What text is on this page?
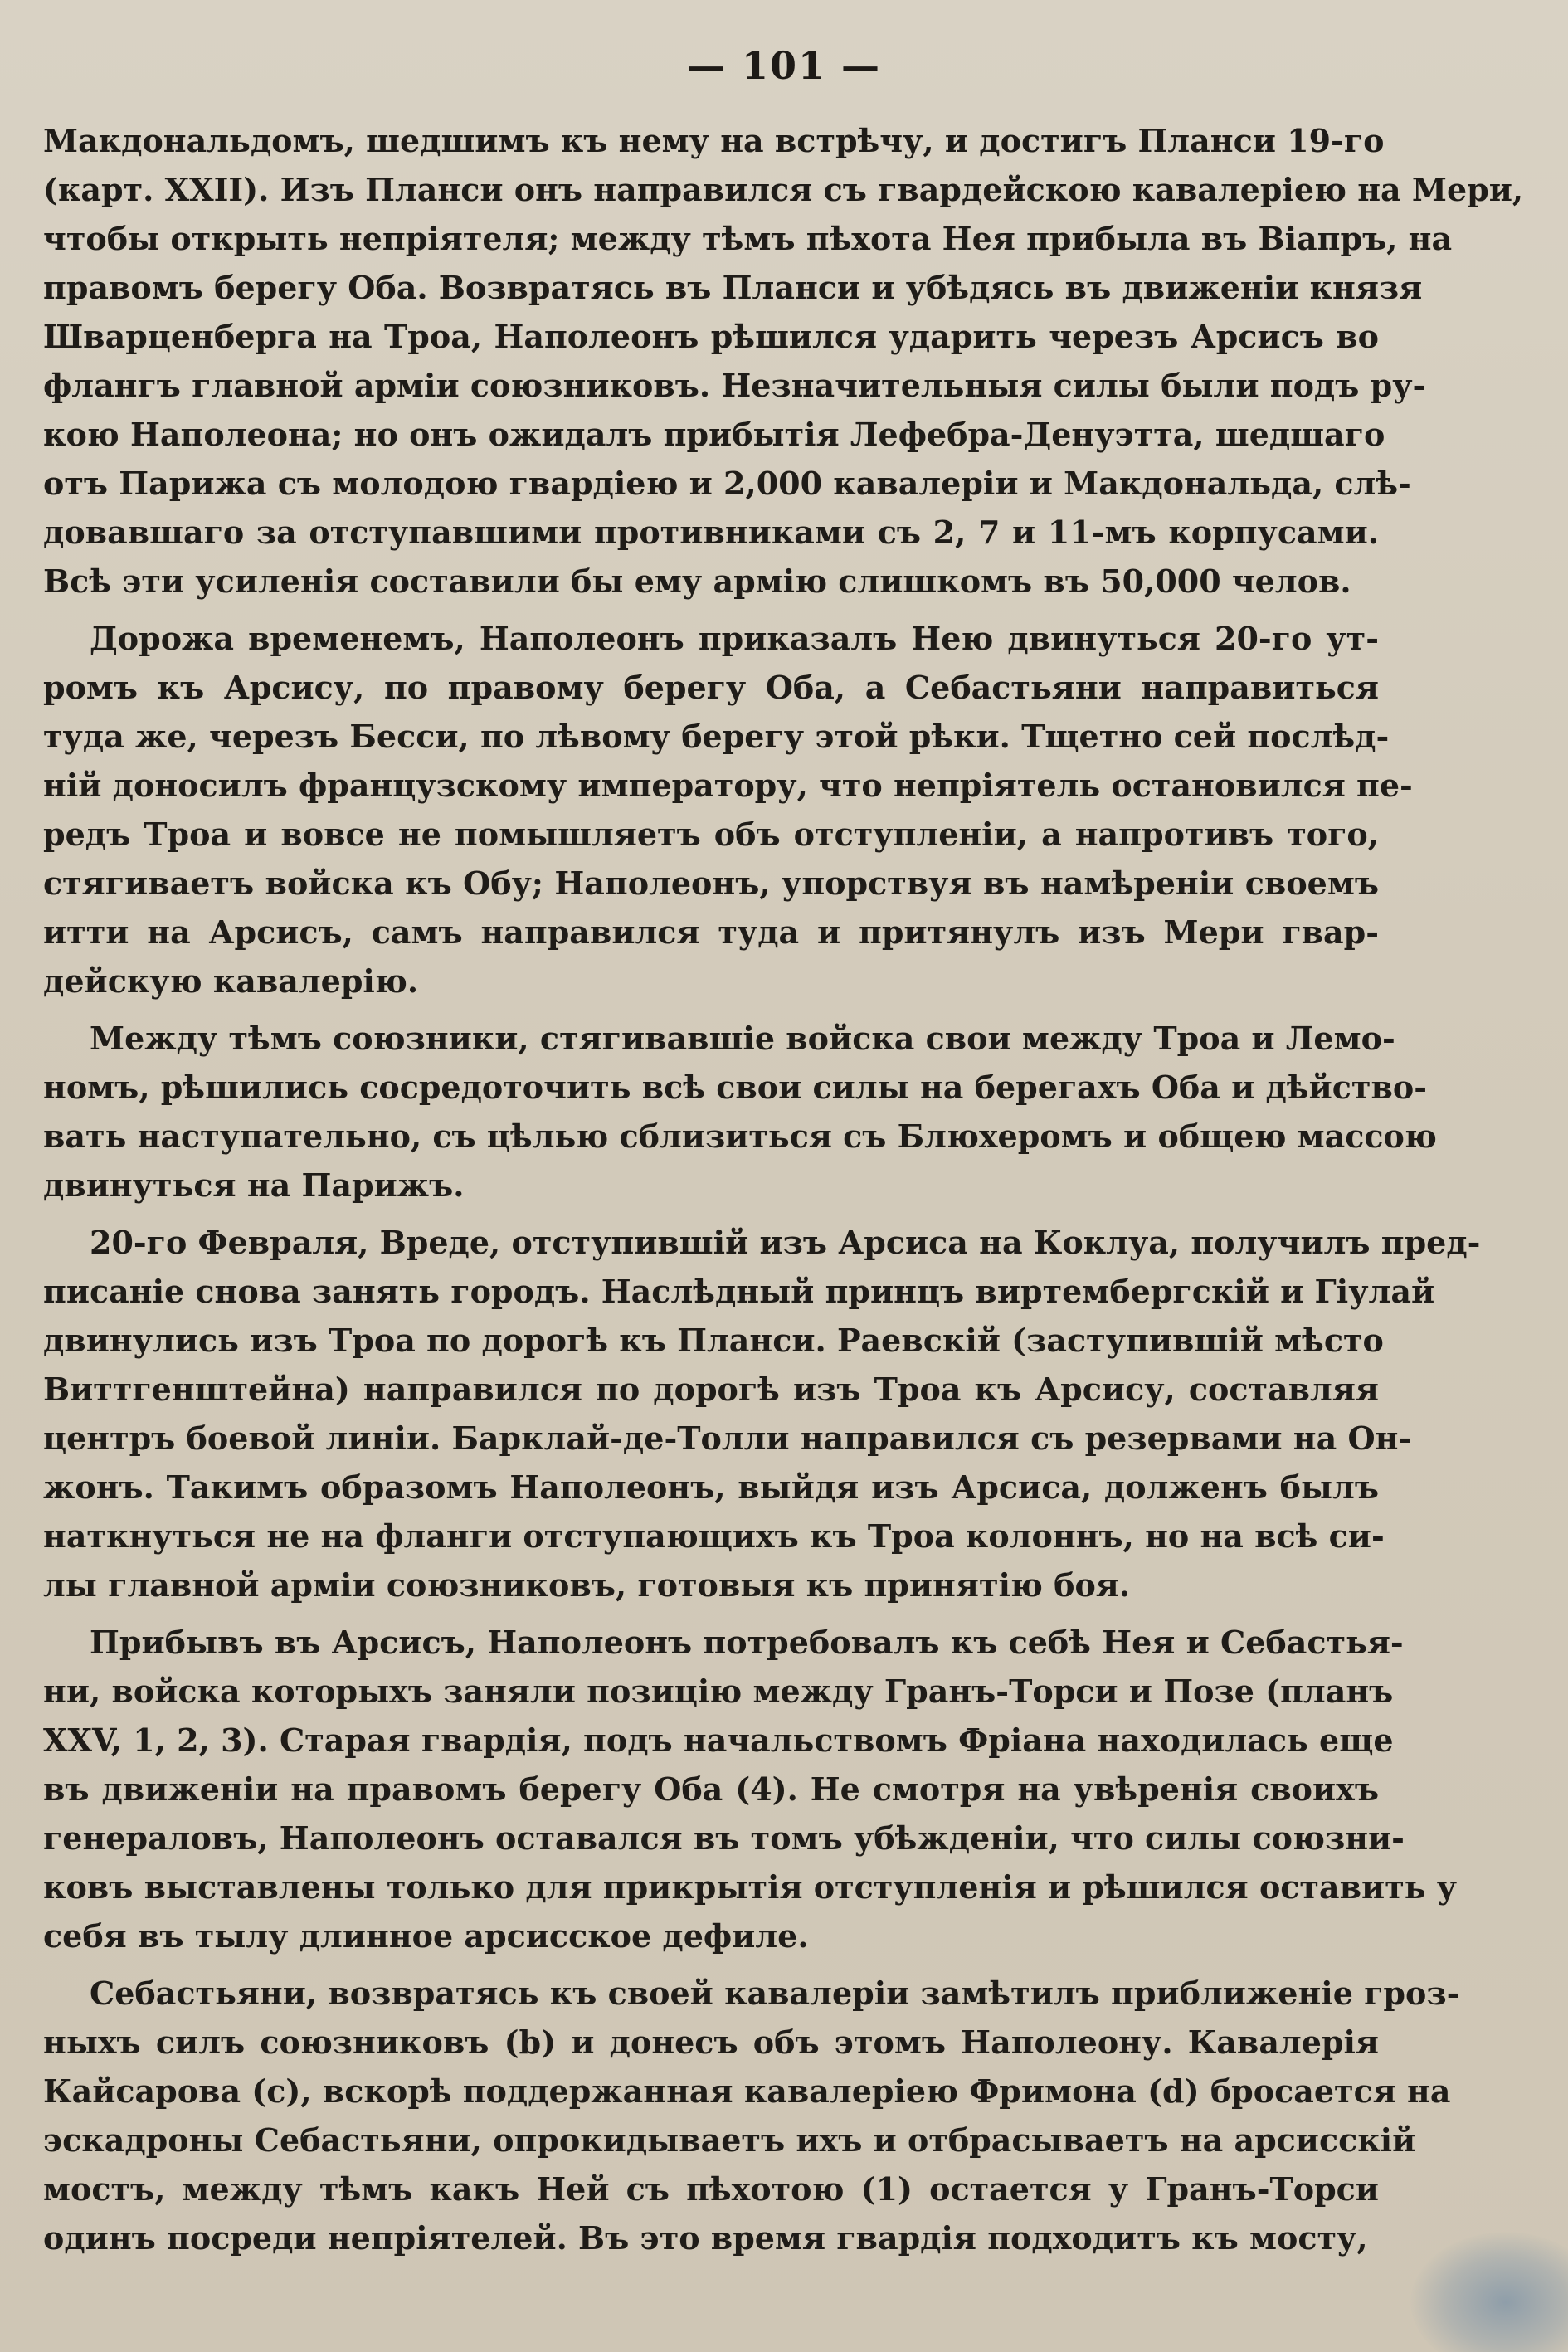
— 101 —
Макдональдомъ, шедшимъ къ нему на встрѣчу, и достигъ Планси 19-го
(карт. XXII). Изъ Планси онъ направился съ гвардейскою кавалеріею на Мери,
чтобы открыть непріятеля; между тѣмъ пѣхота Нея прибыла въ Віапръ, на
правомъ берегу Оба. Возвратясь въ Планси и убѣдясь въ движеніи князя
Шварценберга на Троа, Наполеонъ рѣшился ударить черезъ Арсисъ во
флангъ главной арміи союзниковъ. Незначительныя силы были подъ ру-
кою Наполеона; но онъ ожидалъ прибытія Лефебра-Денуэтта, шедшаго
отъ Парижа съ молодою гвардіею и 2,000 кавалеріи и Макдональда, слѣ-
довавшаго за отступавшими противниками съ 2, 7 и 11-мъ корпусами.
Всѣ эти усиленія составили бы ему армію слишкомъ въ 50,000 челов.
Дорожа временемъ, Наполеонъ приказалъ Нею двинуться 20-го ут-
ромъ къ Арсису, по правому берегу Оба, а Себастьяни направиться
туда же, черезъ Бесси, по лѣвому берегу этой рѣки. Тщетно сей послѣд-
ній доносилъ французскому императору, что непріятель остановился пе-
редъ Троа и вовсе не помышляетъ объ отступленіи, а напротивъ того,
стягиваетъ войска къ Обу; Наполеонъ, упорствуя въ намѣреніи своемъ
итти на Арсисъ, самъ направился туда и притянулъ изъ Мери гвар-
дейскую кавалерію.
Между тѣмъ союзники, стягивавшіе войска свои между Троа и Лемо-
номъ, рѣшились сосредоточить всѣ свои силы на берегахъ Оба и дѣйство-
вать наступательно, съ цѣлью сблизиться съ Блюхеромъ и общею массою
двинуться на Парижъ.
20-го Февраля, Вреде, отступившій изъ Арсиса на Коклуа, получилъ пред-
писаніе снова занять городъ. Наслѣдный принцъ виртембергскій и Гіулай
двинулись изъ Троа по дорогѣ къ Планси. Раевскій (заступившій мѣсто
Виттгенштейна) направился по дорогѣ изъ Троа къ Арсису, составляя
центръ боевой линіи. Барклай-де-Толли направился съ резервами на Он-
жонъ. Такимъ образомъ Наполеонъ, выйдя изъ Арсиса, долженъ былъ
наткнуться не на фланги отступающихъ къ Троа колоннъ, но на всѣ си-
лы главной арміи союзниковъ, готовыя къ принятію боя.
Прибывъ въ Арсисъ, Наполеонъ потребовалъ къ себѣ Нея и Себастья-
ни, войска которыхъ заняли позицію между Гранъ-Торси и Позе (планъ
XXV, 1, 2, 3). Старая гвардія, подъ начальствомъ Фріана находилась еще
въ движеніи на правомъ берегу Оба (4). Не смотря на увѣренія своихъ
генераловъ, Наполеонъ оставался въ томъ убѣжденіи, что силы союзни-
ковъ выставлены только для прикрытія отступленія и рѣшился оставить у
себя въ тылу длинное арсисское дефиле.
Себастьяни, возвратясь къ своей кавалеріи замѣтилъ приближеніе гроз-
ныхъ силъ союзниковъ (b) и донесъ объ этомъ Наполеону. Кавалерія
Кайсарова (с), вскорѣ поддержанная кавалеріею Фримона (d) бросается на
эскадроны Себастьяни, опрокидываетъ ихъ и отбрасываетъ на арсисскій
мостъ, между тѣмъ какъ Ней съ пѣхотою (1) остается у Гранъ-Торси
одинъ посреди непріятелей. Въ это время гвардія подходитъ къ мосту,
